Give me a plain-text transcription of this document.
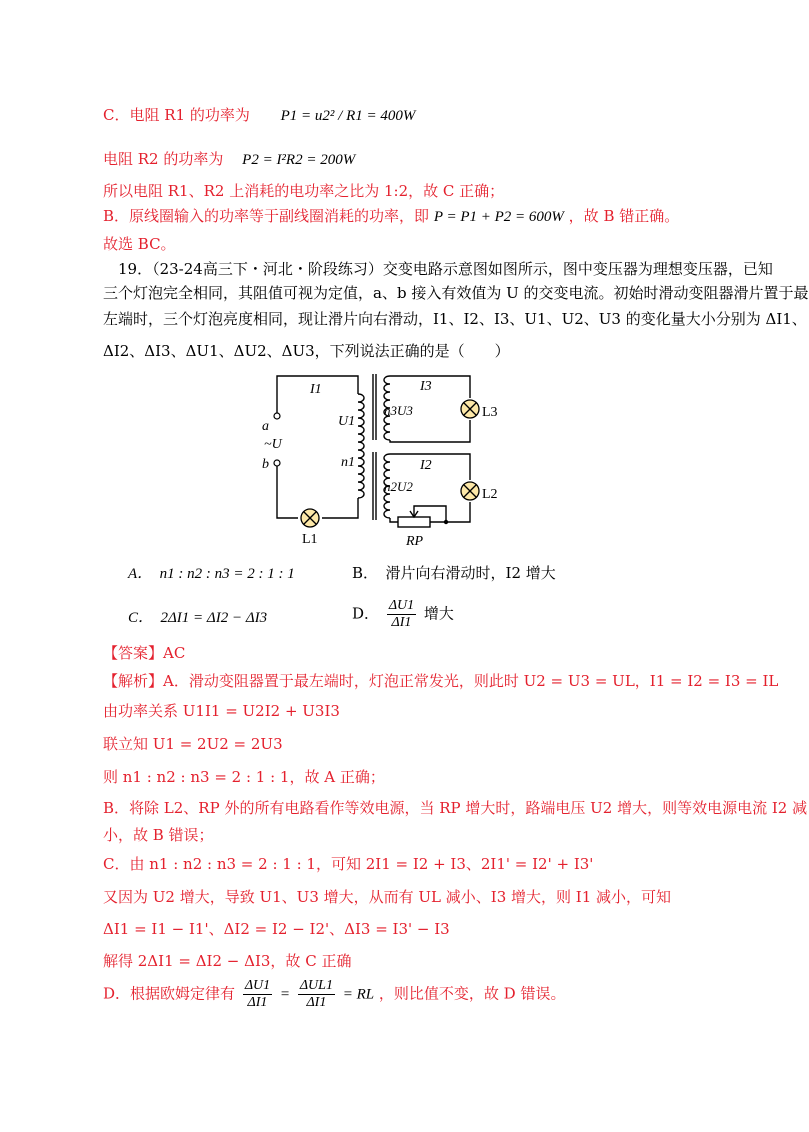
C．电阻 R1 的功率为 P1 = u2² / R1 = 400W
电阻 R2 的功率为 P2 = I²R2 = 200W
所以电阻 R1、R2 上消耗的电功率之比为 1:2，故 C 正确；
B．原线圈输入的功率等于副线圈消耗的功率，即 P = P1 + P2 = 600W ，故 B 错正确。
故选 BC。
19．（23-24高三下・河北・阶段练习）交变电路示意图如图所示，图中变压器为理想变压器，已知
三个灯泡完全相同，其阻值可视为定值，a、b 接入有效值为 U 的交变电流。初始时滑动变阻器滑片置于最
左端时，三个灯泡亮度相同，现让滑片向右滑动，I1、I2、I3、U1、U2、U3 的变化量大小分别为 ΔI1、
ΔI2、ΔI3、ΔU1、ΔU2、ΔU3，下列说法正确的是（　　）
I1
U1
n1
a
~U
b
L1
I3
n3U3	L3
I2
n2U2
L2
RP
A．　n1 : n2 : n3 = 2 : 1 : 1	B．　滑片向右滑动时，I2 增大
C．　2ΔI1 = ΔI2 − ΔI3	D． $\frac{\Delta U1}{\Delta I1}$ 增大
【答案】AC
【解析】A．滑动变阻器置于最左端时，灯泡正常发光，则此时 U2 = U3 = UL，I1 = I2 = I3 = IL
由功率关系 U1I1 = U2I2 + U3I3
联立知 U1 = 2U2 = 2U3
则 n1 : n2 : n3 = 2 : 1 : 1，故 A 正确；
B．将除 L2、RP 外的所有电路看作等效电源，当 RP 增大时，路端电压 U2 增大，则等效电源电流 I2 减
小，故 B 错误；
C．由 n1 : n2 : n3 = 2 : 1 : 1，可知 2I1 = I2 + I3、2I1' = I2' + I3'
又因为 U2 增大，导致 U1、U3 增大，从而有 UL 减小、I3 增大，则 I1 减小，可知
ΔI1 = I1 − I1'、ΔI2 = I2 − I2'、ΔI3 = I3' − I3
解得 2ΔI1 = ΔI2 − ΔI3，故 C 正确
D．根据欧姆定律有 $\frac{\Delta U1}{\Delta I1} = \frac{\text{ΔUL1}}{\Delta I1}$ = RL ，则比值不变，故 D 错误。
